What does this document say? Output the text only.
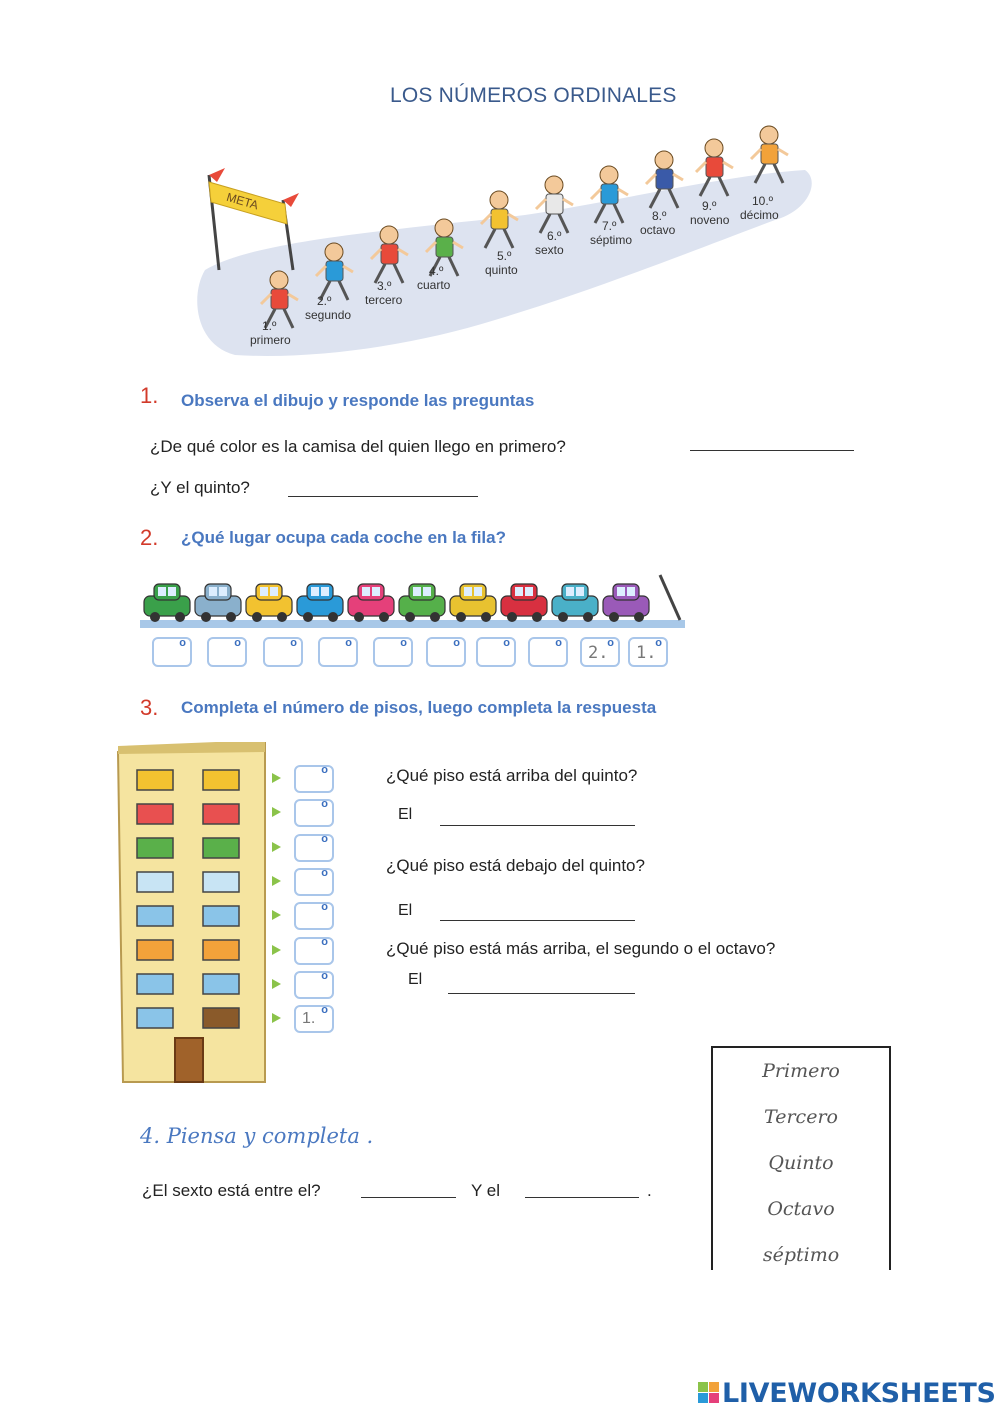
LOS NÚMEROS ORDINALES
META
1.º
primero
2.º
segundo
3.º
tercero
4.º
cuarto
5.º
quinto
6.º
sexto
7.º
séptimo
8.º
octavo
9.º
noveno
10.º
décimo
1. Observa el dibujo y responde las preguntas
¿De qué color es la camisa del quien llego en primero?
¿Y el quinto?
2. ¿Qué lugar ocupa cada coche en la fila?
o	o	o	o	o	o	o	o	o
2.	o
1.
3. Completa el número de pisos, luego completa la respuesta
o
o
o
o
o
o
o
o
1.
¿Qué piso está arriba del quinto?
El
¿Qué piso está debajo del quinto?
El
¿Qué piso está más arriba, el segundo o el octavo?
El
Primero
Tercero
Quinto
Octavo
séptimo
4. Piensa y completa .
¿El sexto está entre el?	Y el	.
LIVEWORKSHEETS
